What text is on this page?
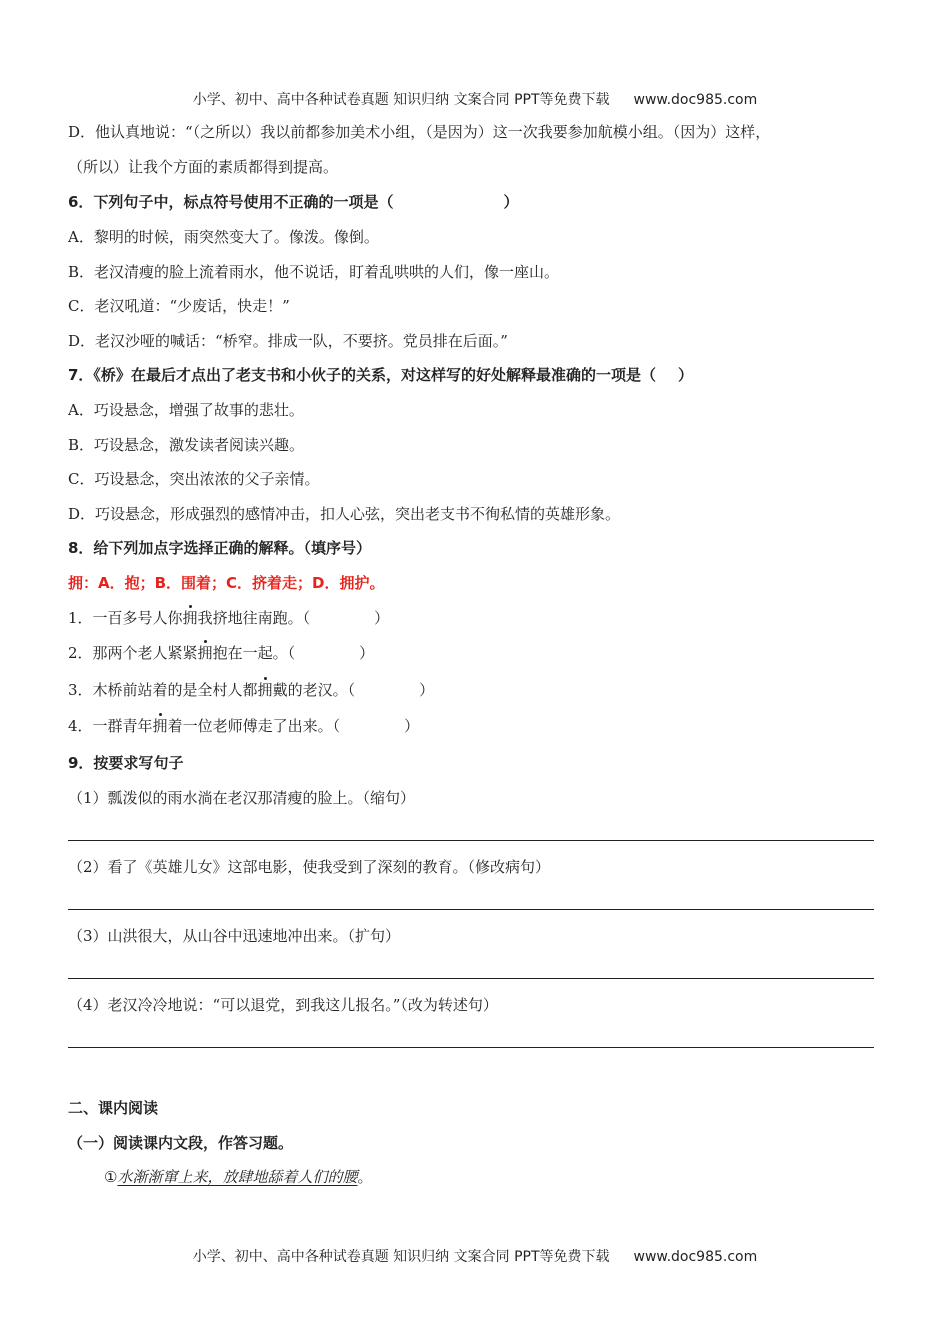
小学、初中、高中各种试卷真题 知识归纳 文案合同 PPT等免费下载 www.doc985.com
D．他认真地说：“（之所以）我以前都参加美术小组，（是因为）这一次我要参加航模小组。（因为）这样，
（所以）让我个方面的素质都得到提高。
6．下列句子中，标点符号使用不正确的一项是（	）
A．黎明的时候，雨突然变大了。像泼。像倒。
B．老汉清瘦的脸上流着雨水，他不说话，盯着乱哄哄的人们，像一座山。
C．老汉吼道：“少废话，快走！”
D．老汉沙哑的喊话：“桥窄。排成一队，不要挤。党员排在后面。”
7．《桥》在最后才点出了老支书和小伙子的关系，对这样写的好处解释最准确的一项是（ ）
A．巧设悬念，增强了故事的悲壮。
B．巧设悬念，激发读者阅读兴趣。
C．巧设悬念，突出浓浓的父子亲情。
D．巧设悬念，形成强烈的感情冲击，扣人心弦，突出老支书不徇私情的英雄形象。
8．给下列加点字选择正确的解释。（填序号）
拥：A．抱；B．围着；C．挤着走；D．拥护。
1．一百多号人你拥我挤地往南跑。（	）
2．那两个老人紧紧拥抱在一起。（	）
3．木桥前站着的是全村人都拥戴的老汉。（	）
4．一群青年拥着一位老师傅走了出来。（	）
9．按要求写句子
（1）瓢泼似的雨水淌在老汉那清瘦的脸上。（缩句）
（2）看了《英雄儿女》这部电影，使我受到了深刻的教育。（修改病句）
（3）山洪很大，从山谷中迅速地冲出来。（扩句）
（4）老汉冷冷地说：“可以退党，到我这儿报名。”（改为转述句）
二、课内阅读
（一）阅读课内文段，作答习题。
①水渐渐窜上来，放肆地舔着人们的腰。
小学、初中、高中各种试卷真题 知识归纳 文案合同 PPT等免费下载 www.doc985.com
